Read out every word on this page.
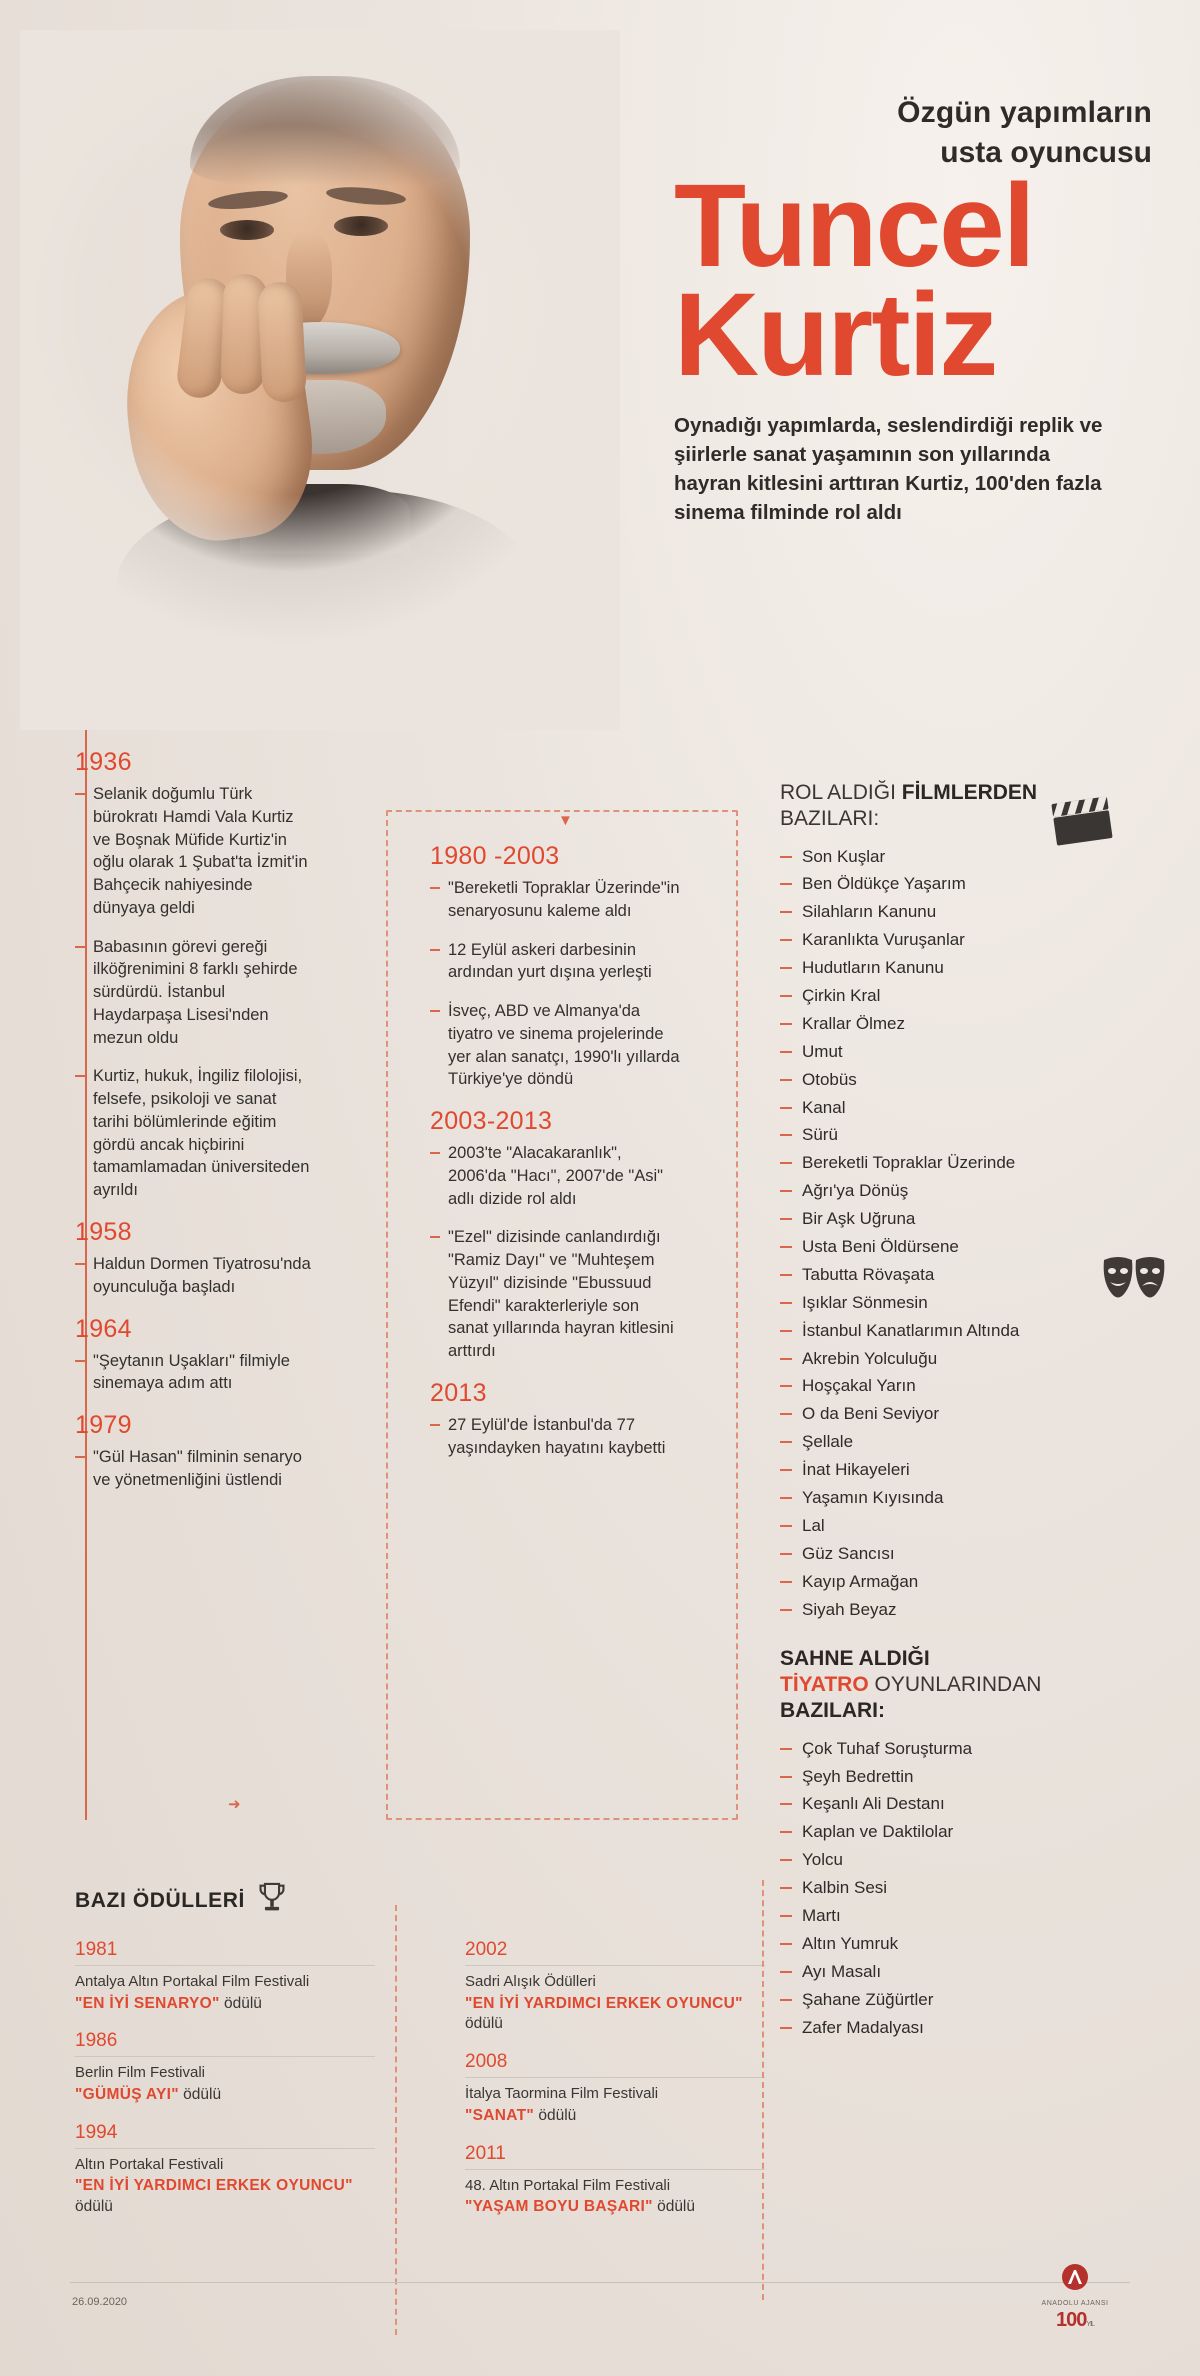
Özgün yapımların
usta oyuncusu
Tuncel
Kurtiz
Oynadığı yapımlarda, seslendirdiği replik ve şiirlerle sanat yaşamının son yıllarında hayran kitlesini arttıran Kurtiz, 100'den fazla sinema filminde rol aldı
▼
➜
1936
Selanik doğumlu Türk bürokratı Hamdi Vala Kurtiz ve Boşnak Müfide Kurtiz'in oğlu olarak 1 Şubat'ta İzmit'in Bahçecik nahiyesinde dünyaya geldi
Babasının görevi gereği ilköğrenimini 8 farklı şehirde sürdürdü. İstanbul Haydarpaşa Lisesi'nden mezun oldu
Kurtiz, hukuk, İngiliz filolojisi, felsefe, psikoloji ve sanat tarihi bölümlerinde eğitim gördü ancak hiçbirini tamamlamadan üniversiteden ayrıldı
1958
Haldun Dormen Tiyatrosu'nda oyunculuğa başladı
1964
"Şeytanın Uşakları" filmiyle sinemaya adım attı
1979
"Gül Hasan" filminin senaryo ve yönetmenliğini üstlendi
1980 -2003
"Bereketli Topraklar Üzerinde"in senaryosunu kaleme aldı
12 Eylül askeri darbesinin ardından yurt dışına yerleşti
İsveç, ABD ve Almanya'da tiyatro ve sinema projelerinde yer alan sanatçı, 1990'lı yıllarda Türkiye'ye döndü
2003-2013
2003'te "Alacakaranlık", 2006'da "Hacı", 2007'de "Asi" adlı dizide rol aldı
"Ezel" dizisinde canlandırdığı "Ramiz Dayı" ve "Muhteşem Yüzyıl" dizisinde "Ebussuud Efendi" karakterleriyle son sanat yıllarında hayran kitlesini arttırdı
2013
27 Eylül'de İstanbul'da 77 yaşındayken hayatını kaybetti
ROL ALDIĞI FİLMLERDEN
BAZILARI:
Son Kuşlar
Ben Öldükçe Yaşarım
Silahların Kanunu
Karanlıkta Vuruşanlar
Hudutların Kanunu
Çirkin Kral
Krallar Ölmez
Umut
Otobüs
Kanal
Sürü
Bereketli Topraklar Üzerinde
Ağrı'ya Dönüş
Bir Aşk Uğruna
Usta Beni Öldürsene
Tabutta Rövaşata
Işıklar Sönmesin
İstanbul Kanatlarımın Altında
Akrebin Yolculuğu
Hoşçakal Yarın
O da Beni Seviyor
Şellale
İnat Hikayeleri
Yaşamın Kıyısında
Lal
Güz Sancısı
Kayıp Armağan
Siyah Beyaz
SAHNE ALDIĞI
TİYATRO OYUNLARINDAN
BAZILARI:
Çok Tuhaf Soruşturma
Şeyh Bedrettin
Keşanlı Ali Destanı
Kaplan ve Daktilolar
Yolcu
Kalbin Sesi
Martı
Altın Yumruk
Ayı Masalı
Şahane Züğürtler
Zafer Madalyası
BAZI ÖDÜLLERİ
1981
Antalya Altın Portakal Film Festivali
"EN İYİ SENARYO" ödülü
1986
Berlin Film Festivali
"GÜMÜŞ AYI" ödülü
1994
Altın Portakal Festivali
"EN İYİ YARDIMCI ERKEK OYUNCU" ödülü
2002
Sadri Alışık Ödülleri
"EN İYİ YARDIMCI ERKEK OYUNCU" ödülü
2008
İtalya Taormina Film Festivali
"SANAT" ödülü
2011
48. Altın Portakal Film Festivali
"YAŞAM BOYU BAŞARI" ödülü
26.09.2020	ANADOLU AJANSI
100YIL
